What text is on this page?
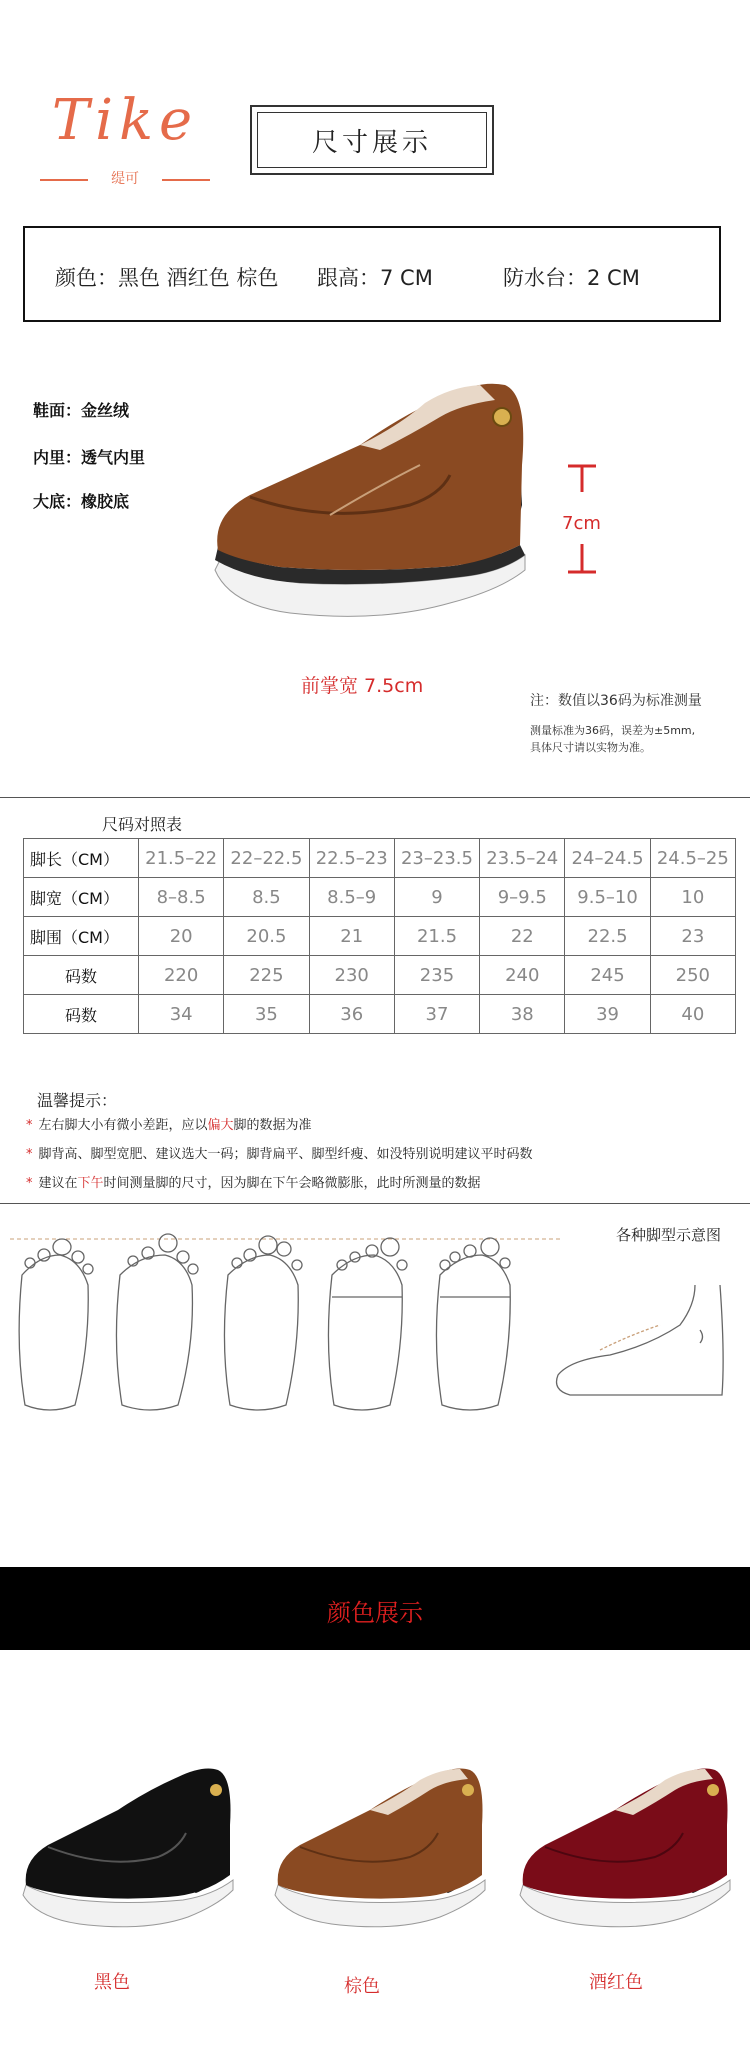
Tike
缇可
尺寸展示
颜色：黑色 酒红色 棕色 跟高：7 CM	防水台：2 CM
鞋面：金丝绒
内里：透气内里
大底：橡胶底
7cm
前掌宽 7.5cm
注：数值以36码为标准测量
测量标准为36码，误差为±5mm,
具体尺寸请以实物为准。
尺码对照表
脚长（CM）	21.5–22	22–22.5	22.5–23	23–23.5	23.5–24	24–24.5	24.5–25
脚宽（CM）	8–8.5	8.5	8.5–9	9	9–9.5	9.5–10	10
脚围（CM）	20	20.5	21	21.5	22	22.5	23
码数	220	225	230	235	240	245	250
码数	34	35	36	37	38	39	40
温馨提示：
* 左右脚大小有微小差距，应以偏大脚的数据为准
* 脚背高、脚型宽肥、建议选大一码；脚背扁平、脚型纤瘦、如没特别说明建议平时码数
* 建议在下午时间测量脚的尺寸，因为脚在下午会略微膨胀，此时所测量的数据
各种脚型示意图
颜色展示
黑色	棕色	酒红色
